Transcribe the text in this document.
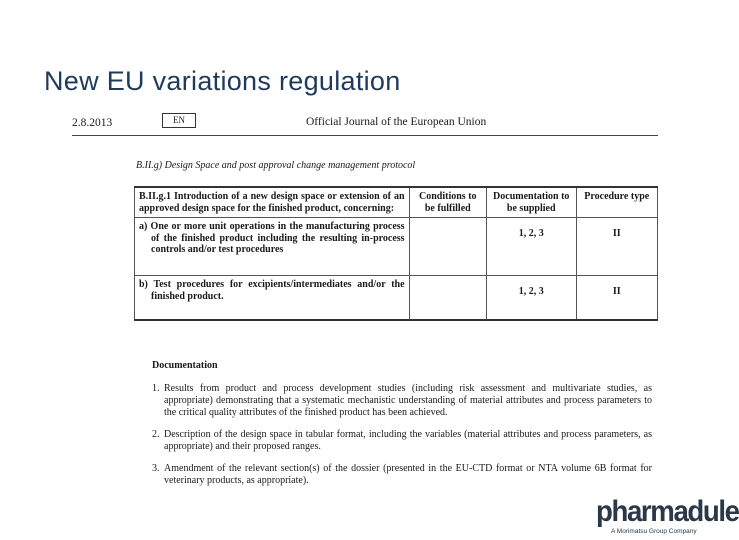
New EU variations regulation
2.8.2013	EN	Official Journal of the European Union
B.II.g) Design Space and post approval change management protocol
B.II.g.1 Introduction of a new design space or extension of an approved design space for the finished product, concerning:	Conditions to be fulfilled	Documentation to be supplied	Procedure type
a) One or more unit operations in the manufacturing process of the finished product including the resulting in-process controls and/or test procedures		1, 2, 3	II
b) Test procedures for excipients/intermediates and/or the finished product.		1, 2, 3	II
Documentation
1. Results from product and process development studies (including risk assessment and multivariate studies, as appropriate) demonstrating that a systematic mechanistic understanding of material attributes and process parameters to the critical quality attributes of the finished product has been achieved.
2. Description of the design space in tabular format, including the variables (material attributes and process parameters, as appropriate) and their proposed ranges.
3. Amendment of the relevant section(s) of the dossier (presented in the EU-CTD format or NTA volume 6B format for veterinary products, as appropriate).
pharmadule
A Morimatsu Group Company
